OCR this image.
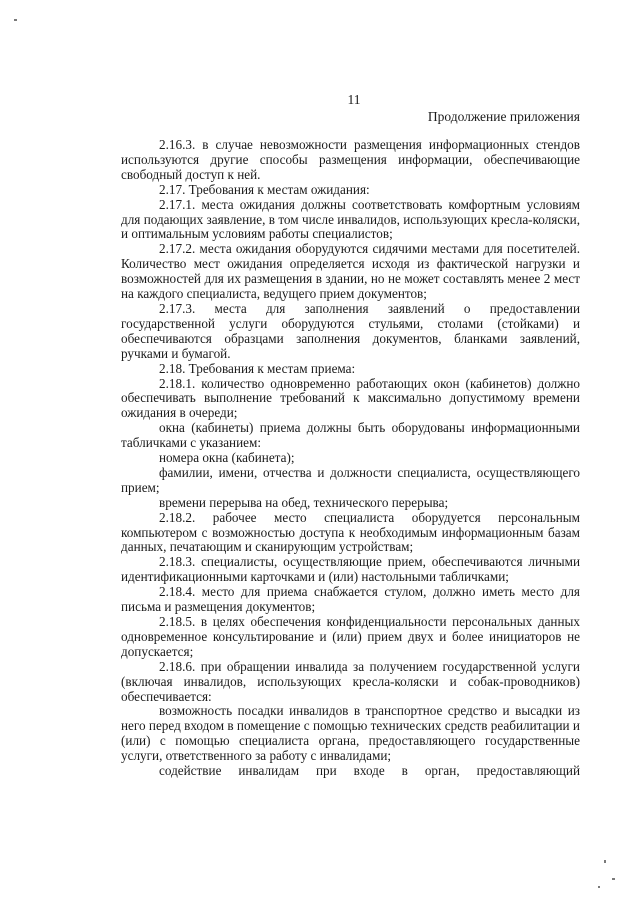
11
Продолжение приложения

2.16.3. в случае невозможности размещения информационных стендов используются другие способы размещения информации, обеспечивающие свободный доступ к ней.

2.17. Требования к местам ожидания:

2.17.1. места ожидания должны соответствовать комфортным условиям для подающих заявление, в том числе инвалидов, использующих кресла-коляски, и оптимальным условиям работы специалистов;

2.17.2. места ожидания оборудуются сидячими местами для посетителей. Количество мест ожидания определяется исходя из фактической нагрузки и возможностей для их размещения в здании, но не может составлять менее 2 мест на каждого специалиста, ведущего прием документов;

2.17.3. места для заполнения заявлений о предоставлении государственной услуги оборудуются стульями, столами (стойками) и обеспечиваются образцами заполнения документов, бланками заявлений, ручками и бумагой.

2.18. Требования к местам приема:

2.18.1. количество одновременно работающих окон (кабинетов) должно обеспечивать выполнение требований к максимально допустимому времени ожидания в очереди;

окна (кабинеты) приема должны быть оборудованы информационными табличками с указанием:

номера окна (кабинета);

фамилии, имени, отчества и должности специалиста, осуществляющего прием;

времени перерыва на обед, технического перерыва;

2.18.2. рабочее место специалиста оборудуется персональным компьютером с возможностью доступа к необходимым информационным базам данных, печатающим и сканирующим устройствам;

2.18.3. специалисты, осуществляющие прием, обеспечиваются личными идентификационными карточками и (или) настольными табличками;

2.18.4. место для приема снабжается стулом, должно иметь место для письма и размещения документов;

2.18.5. в целях обеспечения конфиденциальности персональных данных одновременное консультирование и (или) прием двух и более инициаторов не допускается;

2.18.6. при обращении инвалида за получением государственной услуги (включая инвалидов, использующих кресла-коляски и собак-проводников) обеспечивается:

возможность посадки инвалидов в транспортное средство и высадки из него перед входом в помещение с помощью технических средств реабилитации и (или) с помощью специалиста органа, предоставляющего государственные услуги, ответственного за работу с инвалидами;

содействие инвалидам при входе в орган, предоставляющий
